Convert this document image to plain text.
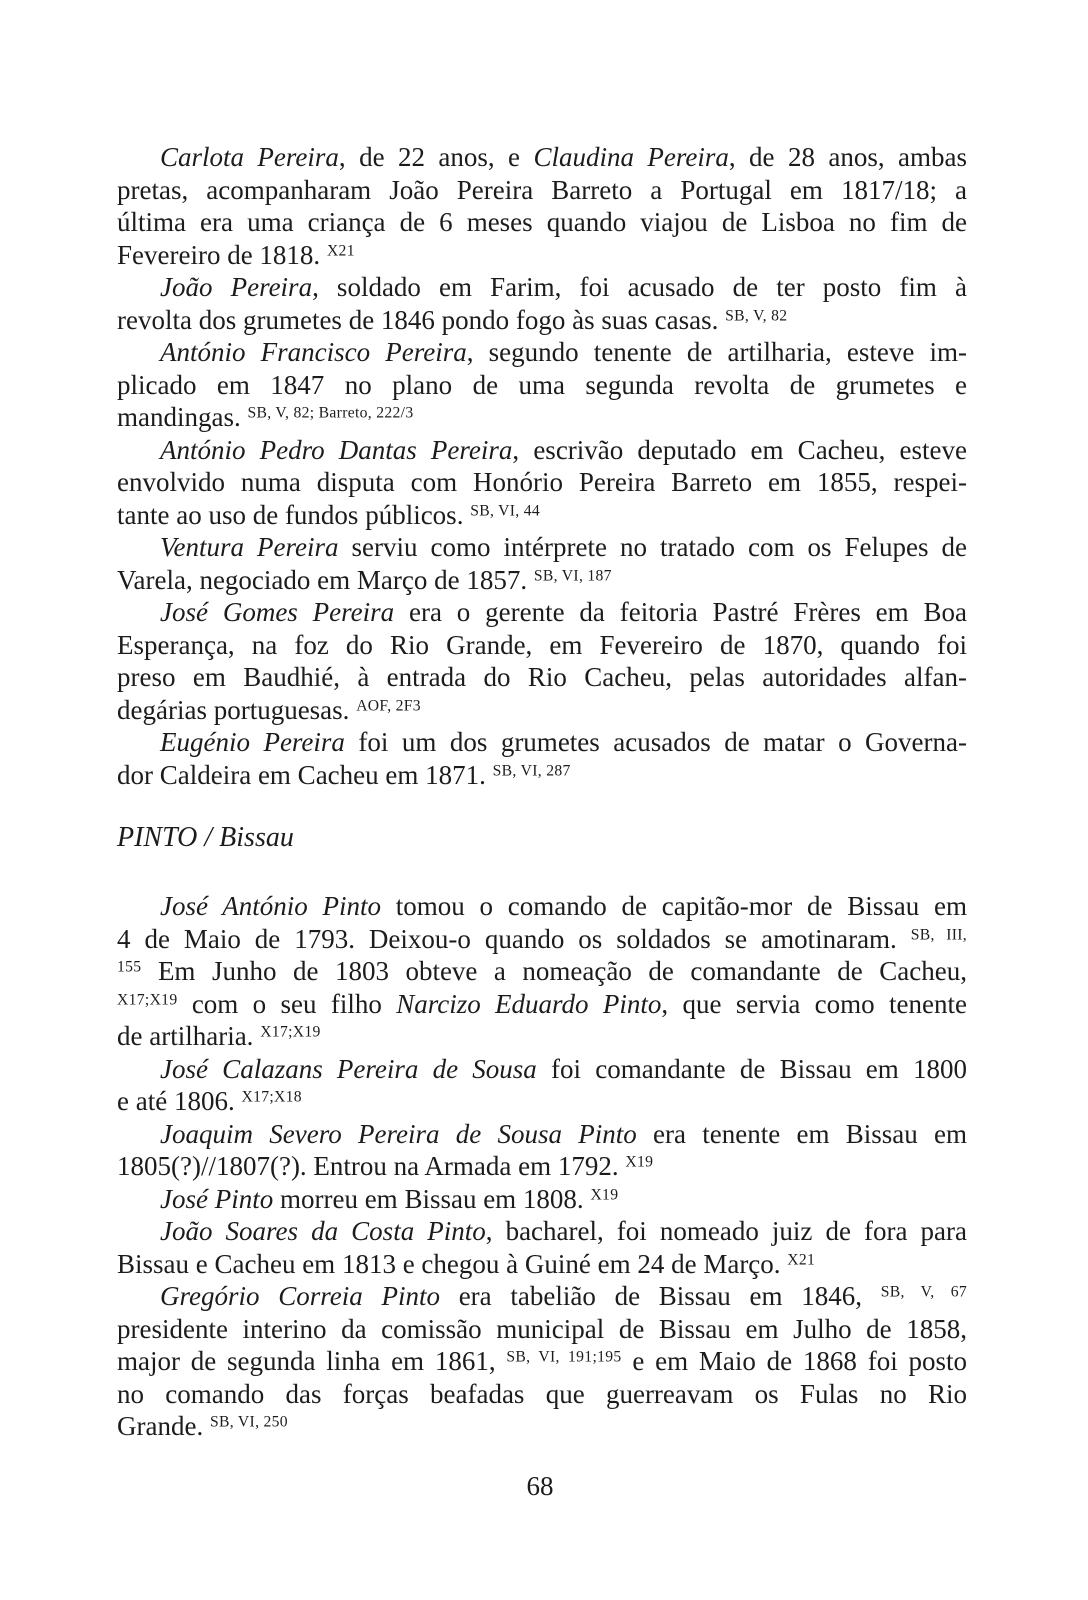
Carlota Pereira, de 22 anos, e Claudina Pereira, de 28 anos, ambas
pretas, acompanharam João Pereira Barreto a Portugal em 1817/18; a
última era uma criança de 6 meses quando viajou de Lisboa no fim de
Fevereiro de 1818. $^{X21}$
João Pereira, soldado em Farim, foi acusado de ter posto fim à
revolta dos grumetes de 1846 pondo fogo às suas casas. $^{SB, V, 82}$
António Francisco Pereira, segundo tenente de artilharia, esteve im-
plicado em 1847 no plano de uma segunda revolta de grumetes e
mandingas. $^{SB, V, 82; Barreto, 222/3}$
António Pedro Dantas Pereira, escrivão deputado em Cacheu, esteve
envolvido numa disputa com Honório Pereira Barreto em 1855, respei-
tante ao uso de fundos públicos. $^{SB, VI, 44}$
Ventura Pereira serviu como intérprete no tratado com os Felupes de
Varela, negociado em Março de 1857. $^{SB, VI, 187}$
José Gomes Pereira era o gerente da feitoria Pastré Frères em Boa
Esperança, na foz do Rio Grande, em Fevereiro de 1870, quando foi
preso em Baudhié, à entrada do Rio Cacheu, pelas autoridades alfan-
degárias portuguesas. $^{AOF, 2F3}$
Eugénio Pereira foi um dos grumetes acusados de matar o Governa-
dor Caldeira em Cacheu em 1871. $^{SB, VI, 287}$
PINTO / Bissau
José António Pinto tomou o comando de capitão-mor de Bissau em
4 de Maio de 1793. Deixou-o quando os soldados se amotinaram. $^{SB, III,}$
$^{155}$ Em Junho de 1803 obteve a nomeação de comandante de Cacheu,
$^{X17;X19}$ com o seu filho Narcizo Eduardo Pinto, que servia como tenente
de artilharia. $^{X17;X19}$
José Calazans Pereira de Sousa foi comandante de Bissau em 1800
e até 1806. $^{X17;X18}$
Joaquim Severo Pereira de Sousa Pinto era tenente em Bissau em
1805(?)//1807(?). Entrou na Armada em 1792. $^{X19}$
José Pinto morreu em Bissau em 1808. $^{X19}$
João Soares da Costa Pinto, bacharel, foi nomeado juiz de fora para
Bissau e Cacheu em 1813 e chegou à Guiné em 24 de Março. $^{X21}$
Gregório Correia Pinto era tabelião de Bissau em 1846, $^{SB, V, 67}$
presidente interino da comissão municipal de Bissau em Julho de 1858,
major de segunda linha em 1861, $^{SB, VI, 191;195}$ e em Maio de 1868 foi posto
no comando das forças beafadas que guerreavam os Fulas no Rio
Grande. $^{SB, VI, 250}$
68
